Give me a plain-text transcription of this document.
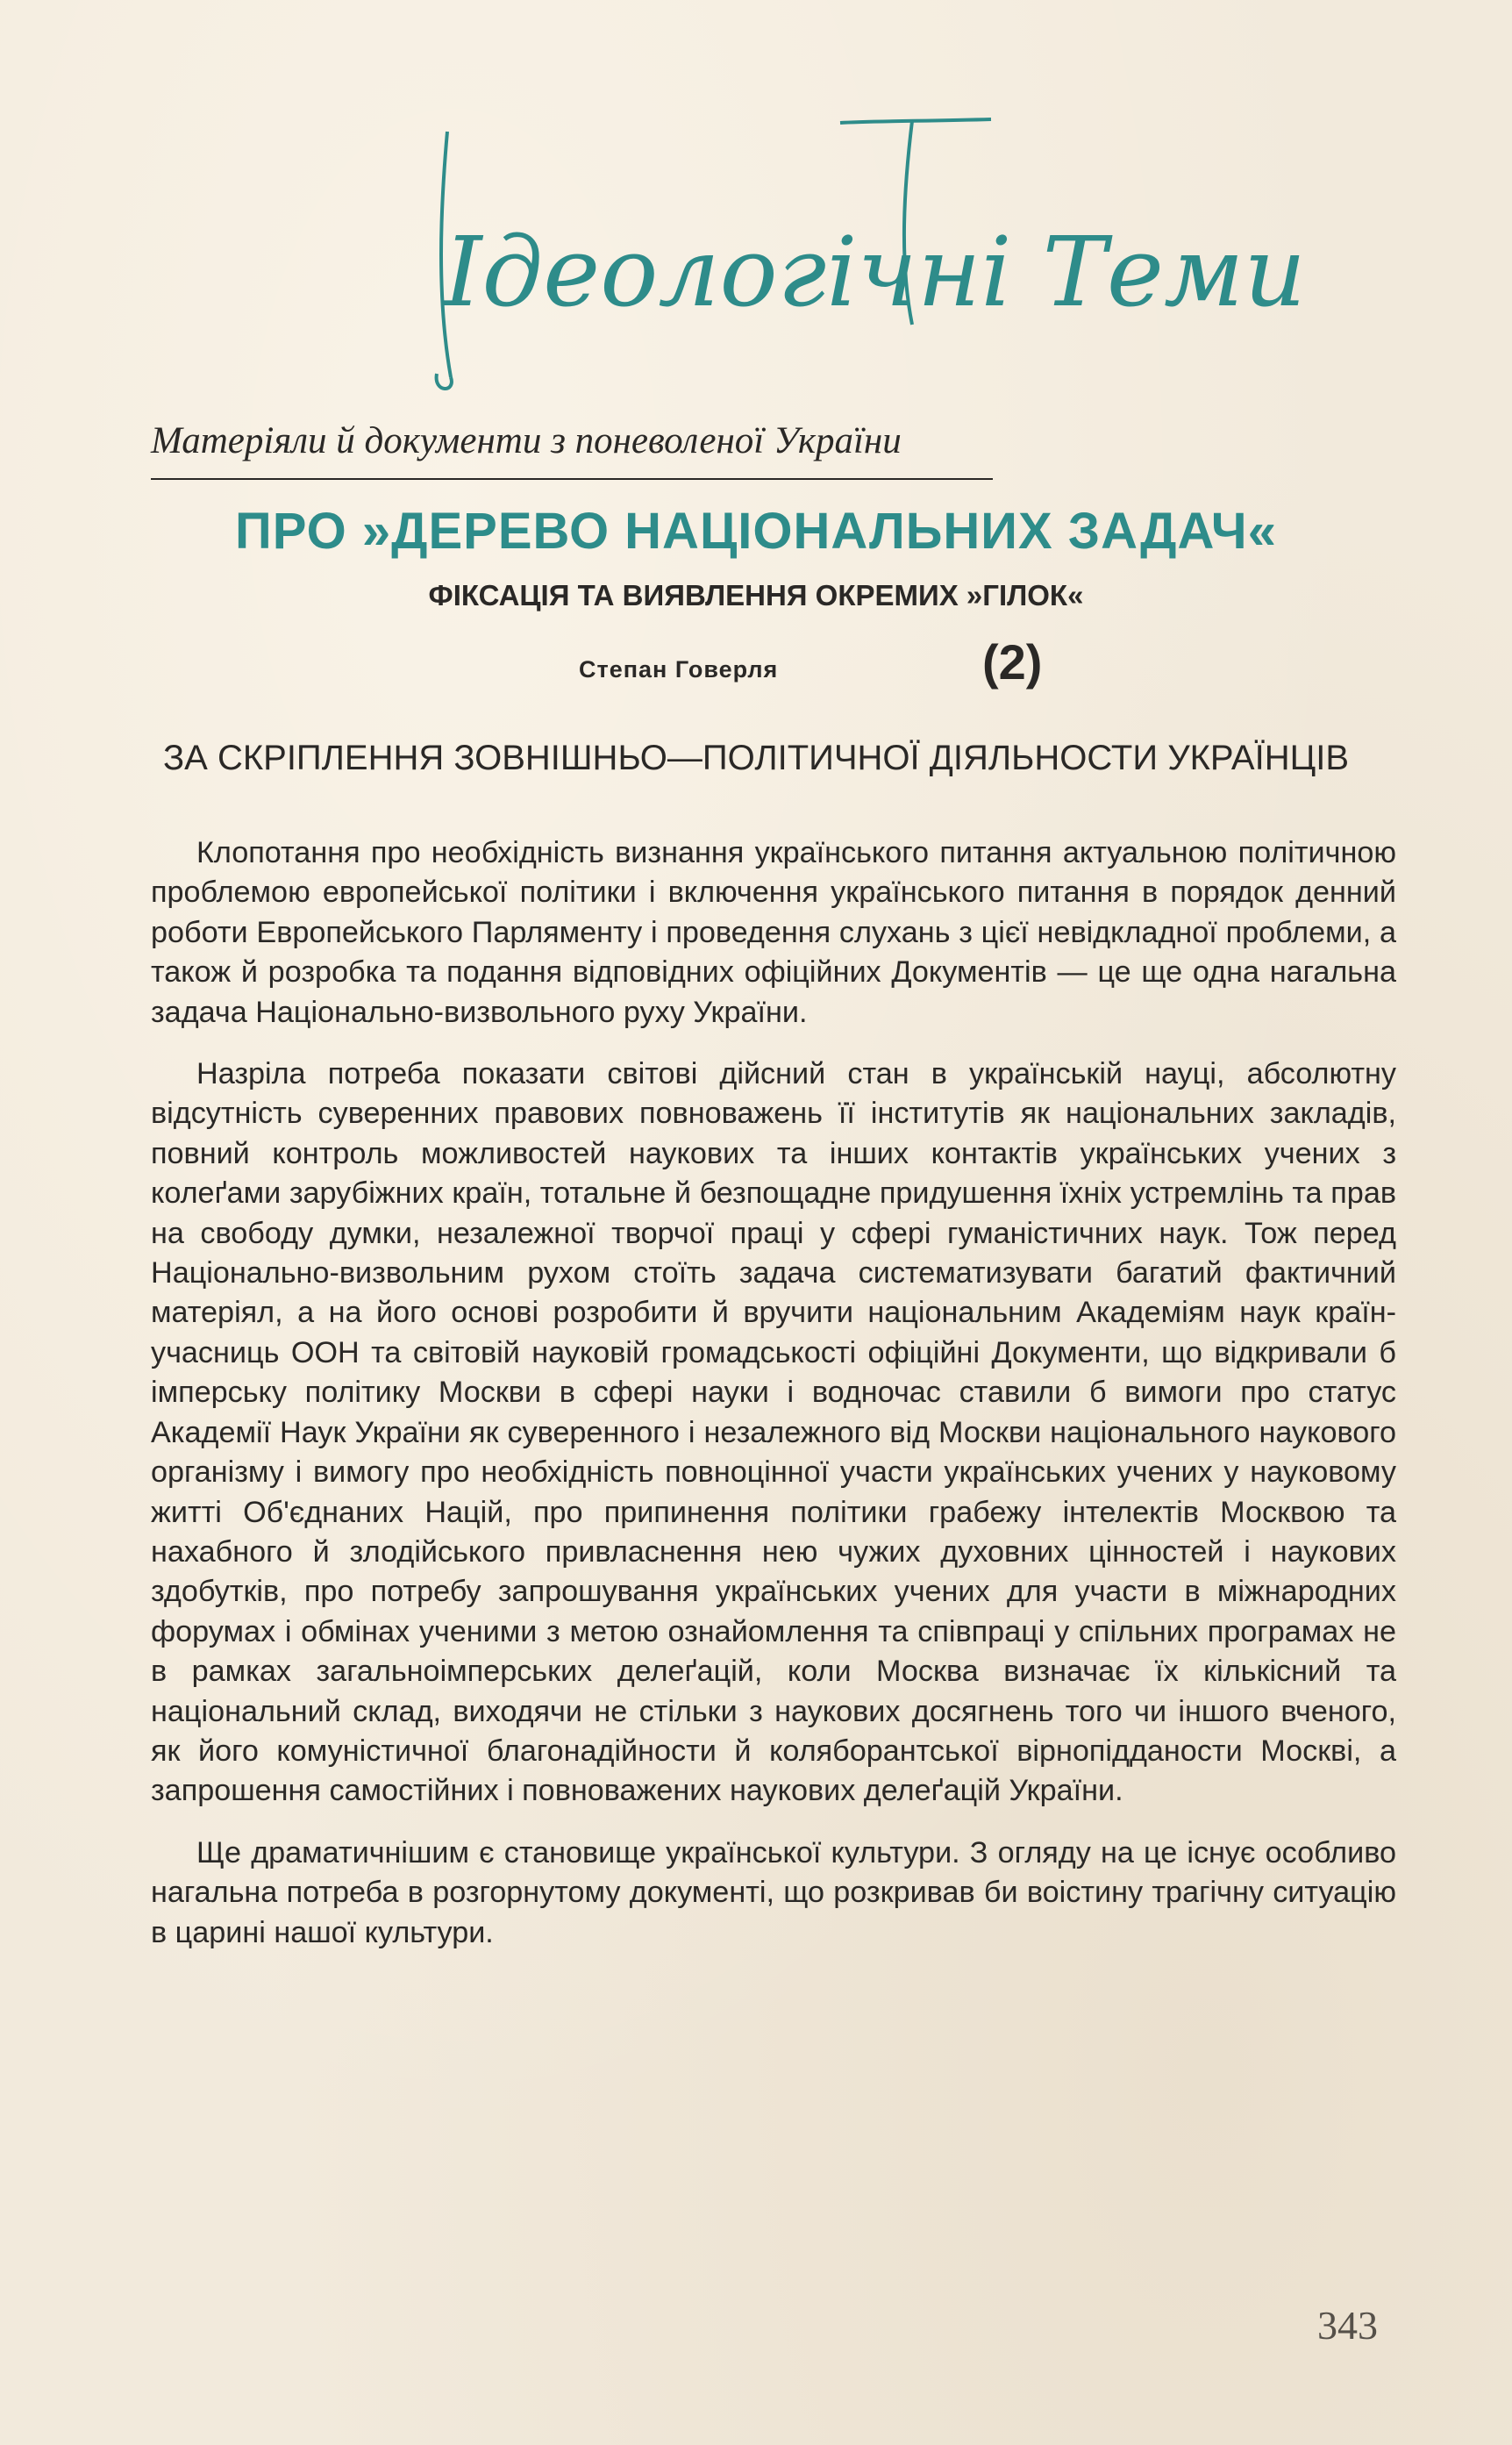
Ідеологічні Теми
Матеріяли й документи з поневоленої України
ПРО »ДЕРЕВО НАЦІОНАЛЬНИХ ЗАДАЧ«
ФІКСАЦІЯ ТА ВИЯВЛЕННЯ ОКРЕМИХ »ГІЛОК«
Степан Говерля	(2)
ЗА СКРІПЛЕННЯ ЗОВНІШНЬО—ПОЛІТИЧНОЇ ДІЯЛЬНОСТИ УКРАЇНЦІВ

Клопотання про необхідність визнання українського питання актуальною політичною проблемою европейської політики і включення українського питання в порядок денний роботи Европейського Парляменту і проведення слухань з цієї невідкладної проблеми, а також й розробка та подання відповідних офіційних Документів — це ще одна нагальна задача Національно-визвольного руху України.

Назріла потреба показати світові дійсний стан в українській науці, абсолютну відсутність суверенних правових повноважень її інститутів як національних закладів, повний контроль можливостей наукових та інших контактів українських учених з колеґами зарубіжних країн, тотальне й безпощадне придушення їхніх устремлінь та прав на свободу думки, незалежної творчої праці у сфері гуманістичних наук. Тож перед Національно-визвольним рухом стоїть задача систематизувати багатий фактичний матеріял, а на його основі розробити й вручити національним Академіям наук країн-учасниць ООН та світовій науковій громадськості офіційні Документи, що відкривали б імперську політику Москви в сфері науки і водночас ставили б вимоги про статус Академії Наук України як суверенного і незалежного від Москви національного наукового організму і вимогу про необхідність повноцінної участи українських учених у науковому житті Об'єднаних Націй, про припинення політики грабежу інтелектів Москвою та нахабного й злодійського привласнення нею чужих духовних цінностей і наукових здобутків, про потребу запрошування українських учених для участи в міжнародних форумах і обмінах ученими з метою ознайомлення та співпраці у спільних програмах не в рамках загальноімперських делеґацій, коли Москва визначає їх кількісний та національний склад, виходячи не стільки з наукових досягнень того чи іншого вченого, як його комуністичної благонадійности й коляборантської вірнопідданости Москві, а запрошення самостійних і повноважених наукових делеґацій України.

Ще драматичнішим є становище української культури. З огляду на це існує особливо нагальна потреба в розгорнутому документі, що розкривав би воістину трагічну ситуацію в царині нашої культури.

343
